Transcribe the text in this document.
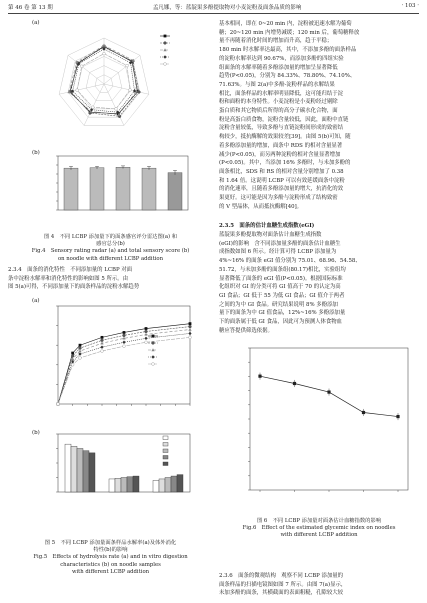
第 46 卷 第 13 期	孟凡娜，等：蓝靛果多酚提取物对小麦淀粉及面条品质的影响	· 103 ·
(a)
(b)
图 4　不同 LCBP 添加量下的面条感官评分雷达图(a) 和
感官总分(b)
Fig.4　Sensory rating radar (a) and total sensory score (b)
on noodle with different LCBP addition

2.3.4　面条的消化特性　不同添加量的 LCBP 对面

条中淀粉水解率和消化特性的影响如图 5 所示。由

图 5(a)可得，不同添加量下的面条样品的淀粉水解趋势

(a)
(b)
图 5　不同 LCBP 添加量面条样品水解率(a)及体外消化
特性(b)的影响
Fig.5　Effects of hydrolysis rate (a) and in vitro digestion
characteristics (b) on noodle samples
with different LCBP addition

基本相同，即在 0~20 min 内，淀粉被迅速水解为葡萄

糖；20~120 min 内增势减缓；120 min 后，葡萄糖释放

量不再随着消化时间的增加而升高，趋于平稳；

180 min 时水解率达最高，其中，不添加多酚的面条样品

的淀粉水解率达到 90.67%，而添加多酚的四组实验

组面条的水解率随着多酚添加量的增加呈显著降低

趋势(P<0.05)，分别为 84.33%、78.80%、74.10%、

71.63%。与图 2(a)中多酚-淀粉样品的水解结果

相比，面条样品的水解率明显降低，这可能归结于淀

粉和面粉的本身特性。小麦淀粉是小麦粉经过剔除

蛋白质和其它物质后所得的高分子碳水化合物，面

粉是高蛋白质食物，淀粉含量较低，因此，面粉中直链

淀粉含量较低，导致多酚与直链淀粉间形成的致密结

构较少，抵抗酶解的效果较差[39]。由图 5(b)可知，随

着多酚添加量的增加，面条中 RDS 的相对含量显著

减少(P<0.05)，而另两种淀粉的相对含量显著增加

(P<0.05)。其中，当添加 16% 多酚时，与未加多酚的

面条相比，SDS 和 RS 的相对含量分别增加了 0.38

和 1.64 倍。这说明 LCBP 可以有效延缓面条中淀粉

的消化速率，且随着多酚添加量的增大，抗消化的效

果更好。这可能是因为多酚与淀粉形成了结构致密

的 V 型晶体，从而抵抗酶解[40]。

2.3.5　面条的估计血糖生成指数(eGI)

蓝靛果多酚提取物对面条估计血糖生成指数

(eGI)的影响　含不同添加量多酚的面条估计血糖生

成指数如图 6 所示。经计算可得 LCBP 添加量为

4%~16% 的面条 eGI 值分别为 75.01、68.96、54.58、

51.72，与未加多酚的面条组(80.17)相比，实验组均

显著降低了面条的 eGI 值(P<0.05)。根据国际标准

化组织对 GI 的分类可将 GI 值高于 70 的认定为高

GI 食品；GI 低于 55 为低 GI 食品；GI 值介于两者

之间的为中 GI 食品。研究结果说明 8% 多酚添加

量下的面条为中 GI 值食品，12%~16% 多酚添加量

下的面条属于低 GI 食品，因此可为预测人体食物血

糖应答提供筛选依据。

图 6　不同 LCBP 添加量对面条估计血糖指数的影响
Fig.6　Effect of the estimated glycemic index on noodles
with different LCBP addition

2.3.6　面条的微观结构　观察不同 LCBP 添加量的

面条样品的扫描电镜图如图 7 所示。由图 7(a)显示，

未加多酚的面条，其横截面的表面粗糙，孔隙较大较
